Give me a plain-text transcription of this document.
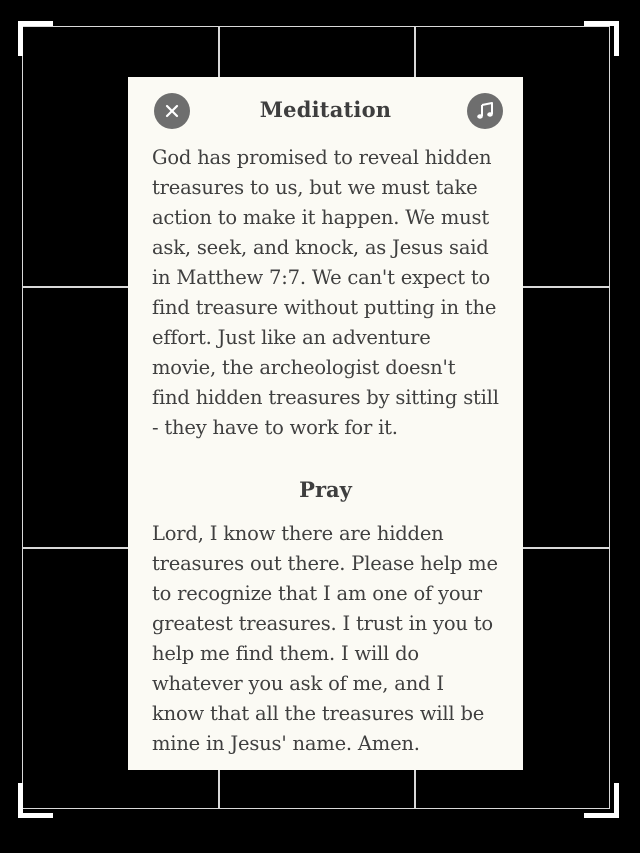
Meditation

God has promised to reveal hidden treasures to us, but we must take action to make it happen. We must ask, seek, and knock, as Jesus said in Matthew 7:7. We can't expect to find treasure without putting in the effort. Just like an adventure movie, the archeologist doesn't find hidden treasures by sitting still - they have to work for it.

Pray

Lord, I know there are hidden treasures out there. Please help me to recognize that I am one of your greatest treasures. I trust in you to help me find them. I will do whatever you ask of me, and I know that all the treasures will be mine in Jesus' name. Amen.
